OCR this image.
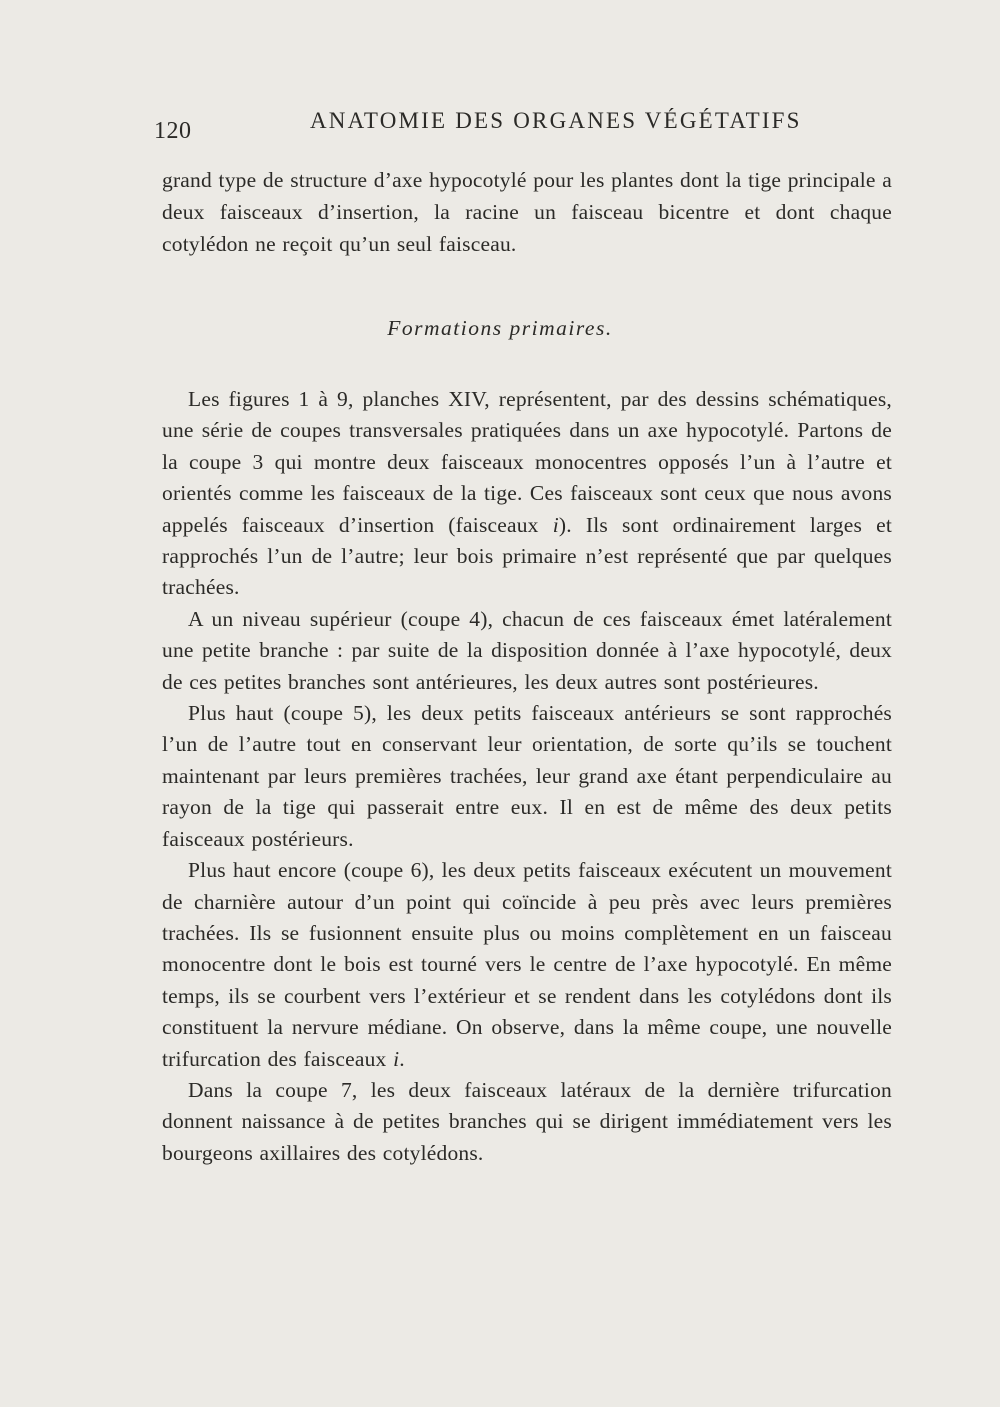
120	ANATOMIE DES ORGANES VÉGÉTATIFS
grand type de structure d’axe hypocotylé pour les plantes dont la tige principale a deux faisceaux d’insertion, la racine un faisceau bicentre et dont chaque cotylédon ne reçoit qu’un seul faisceau.
Formations primaires.

Les figures 1 à 9, planches XIV, représentent, par des dessins schématiques, une série de coupes transversales pratiquées dans un axe hypocotylé. Partons de la coupe 3 qui montre deux faisceaux monocentres opposés l’un à l’autre et orientés comme les faisceaux de la tige. Ces faisceaux sont ceux que nous avons appelés faisceaux d’insertion (faisceaux i). Ils sont ordinairement larges et rapprochés l’un de l’autre; leur bois primaire n’est représenté que par quelques trachées.

A un niveau supérieur (coupe 4), chacun de ces faisceaux émet latéralement une petite branche : par suite de la disposition donnée à l’axe hypocotylé, deux de ces petites branches sont antérieures, les deux autres sont postérieures.

Plus haut (coupe 5), les deux petits faisceaux antérieurs se sont rapprochés l’un de l’autre tout en conservant leur orientation, de sorte qu’ils se touchent maintenant par leurs premières trachées, leur grand axe étant perpendiculaire au rayon de la tige qui passerait entre eux. Il en est de même des deux petits faisceaux postérieurs.

Plus haut encore (coupe 6), les deux petits faisceaux exécutent un mouvement de charnière autour d’un point qui coïncide à peu près avec leurs premières trachées. Ils se fusionnent ensuite plus ou moins complètement en un faisceau monocentre dont le bois est tourné vers le centre de l’axe hypocotylé. En même temps, ils se courbent vers l’extérieur et se rendent dans les cotylédons dont ils constituent la nervure médiane. On observe, dans la même coupe, une nouvelle trifurcation des faisceaux i.

Dans la coupe 7, les deux faisceaux latéraux de la dernière trifurcation donnent naissance à de petites branches qui se dirigent immédiatement vers les bourgeons axillaires des cotylédons.
